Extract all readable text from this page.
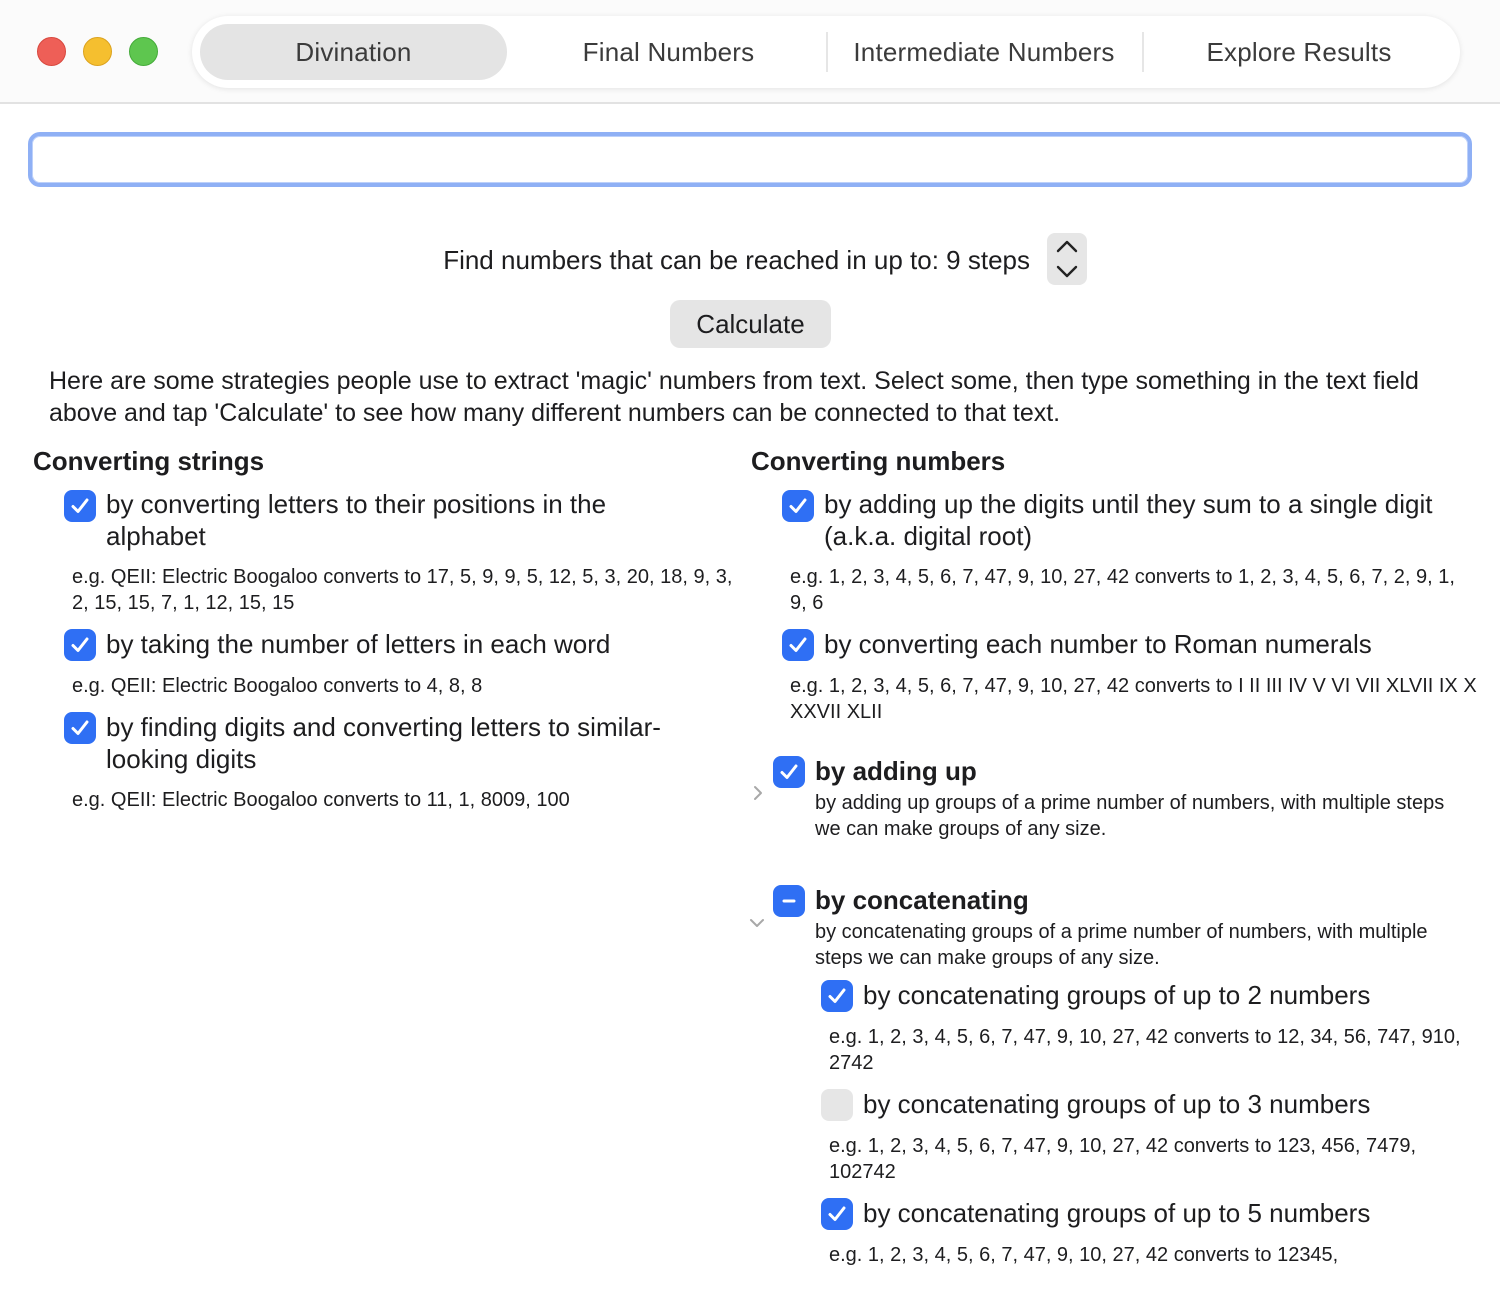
Divination	Final Numbers	Intermediate Numbers	Explore Results
Find numbers that can be reached in up to: 9 steps
Calculate
Here are some strategies people use to extract 'magic' numbers from text. Select some, then type something in the text field above and tap 'Calculate' to see how many different numbers can be connected to that text.
Converting strings
by converting letters to their positions in the alphabet
e.g. QEII: Electric Boogaloo converts to 17, 5, 9, 9, 5, 12, 5, 3, 20, 18, 9, 3, 2, 15, 15, 7, 1, 12, 15, 15
by taking the number of letters in each word
e.g. QEII: Electric Boogaloo converts to 4, 8, 8
by finding digits and converting letters to similar-looking digits
e.g. QEII: Electric Boogaloo converts to 11, 1, 8009, 100
Converting numbers
by adding up the digits until they sum to a single digit (a.k.a. digital root)
e.g. 1, 2, 3, 4, 5, 6, 7, 47, 9, 10, 27, 42 converts to 1, 2, 3, 4, 5, 6, 7, 2, 9, 1, 9, 6
by converting each number to Roman numerals
e.g. 1, 2, 3, 4, 5, 6, 7, 47, 9, 10, 27, 42 converts to I II III IV V VI VII XLVII IX X XXVII XLII
by adding up
by adding up groups of a prime number of numbers, with multiple steps we can make groups of any size.
by concatenating
by concatenating groups of a prime number of numbers, with multiple steps we can make groups of any size.
by concatenating groups of up to 2 numbers
e.g. 1, 2, 3, 4, 5, 6, 7, 47, 9, 10, 27, 42 converts to 12, 34, 56, 747, 910, 2742
by concatenating groups of up to 3 numbers
e.g. 1, 2, 3, 4, 5, 6, 7, 47, 9, 10, 27, 42 converts to 123, 456, 7479, 102742
by concatenating groups of up to 5 numbers
e.g. 1, 2, 3, 4, 5, 6, 7, 47, 9, 10, 27, 42 converts to 12345,
